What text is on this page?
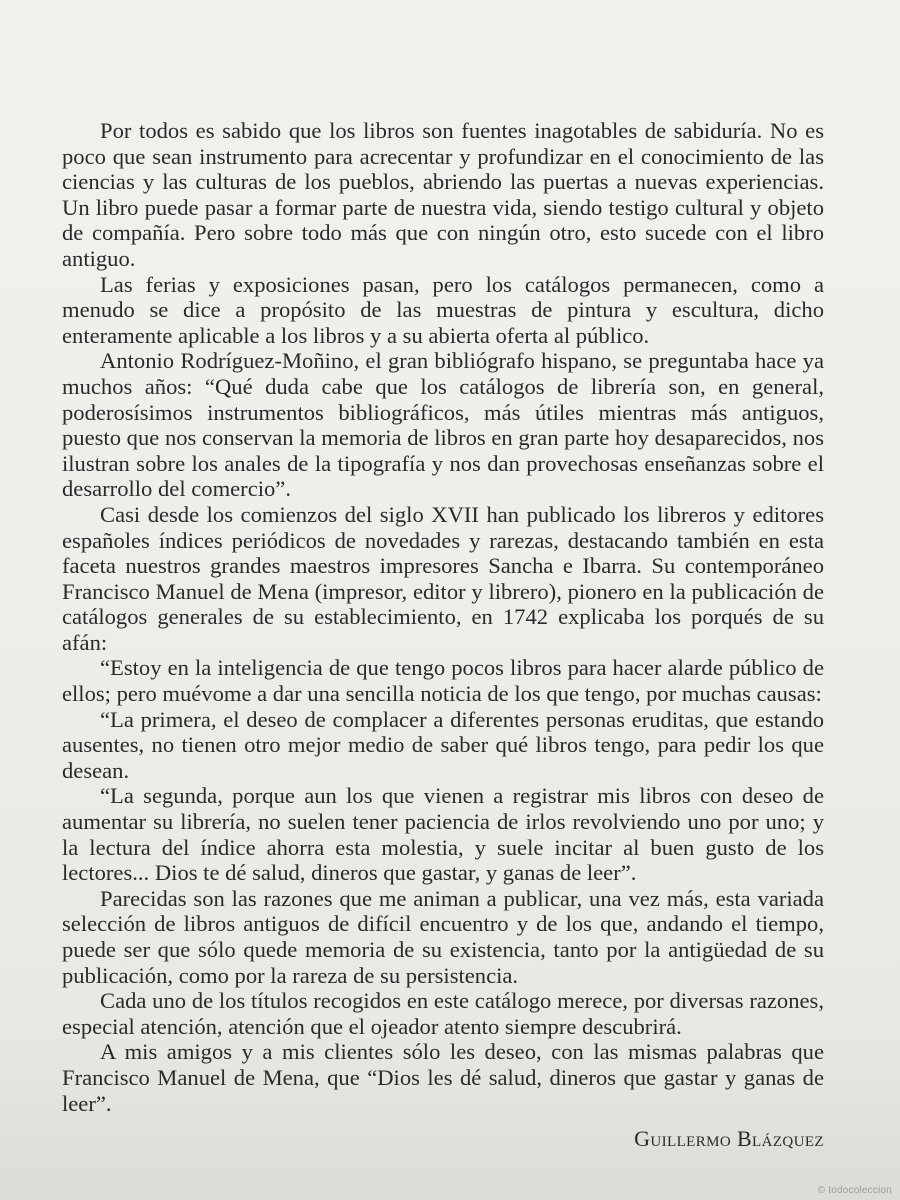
Por todos es sabido que los libros son fuentes inagotables de sabiduría. No es poco que sean instrumento para acrecentar y profundizar en el conocimiento de las ciencias y las culturas de los pueblos, abriendo las puertas a nuevas experiencias. Un libro puede pasar a formar parte de nuestra vida, siendo testigo cultural y objeto de compañía. Pero sobre todo más que con ningún otro, esto sucede con el libro antiguo.

Las ferias y exposiciones pasan, pero los catálogos permanecen, como a menudo se dice a propósito de las muestras de pintura y escultura, dicho enteramente aplicable a los libros y a su abierta oferta al público.

Antonio Rodríguez-Moñino, el gran bibliógrafo hispano, se preguntaba hace ya muchos años: “Qué duda cabe que los catálogos de librería son, en general, poderosísimos instrumentos bibliográficos, más útiles mientras más antiguos, puesto que nos conservan la memoria de libros en gran parte hoy desaparecidos, nos ilustran sobre los anales de la tipografía y nos dan provechosas enseñanzas sobre el desarrollo del comercio”.

Casi desde los comienzos del siglo XVII han publicado los libreros y editores españoles índices periódicos de novedades y rarezas, destacando también en esta faceta nuestros grandes maestros impresores Sancha e Ibarra. Su contemporáneo Francisco Manuel de Mena (impresor, editor y librero), pionero en la publicación de catálogos generales de su establecimiento, en 1742 explicaba los porqués de su afán:

“Estoy en la inteligencia de que tengo pocos libros para hacer alarde público de ellos; pero muévome a dar una sencilla noticia de los que tengo, por muchas causas:

“La primera, el deseo de complacer a diferentes personas eruditas, que estando ausentes, no tienen otro mejor medio de saber qué libros tengo, para pedir los que desean.

“La segunda, porque aun los que vienen a registrar mis libros con deseo de aumentar su librería, no suelen tener paciencia de irlos revolviendo uno por uno; y la lectura del índice ahorra esta molestia, y suele incitar al buen gusto de los lectores... Dios te dé salud, dineros que gastar, y ganas de leer”.

Parecidas son las razones que me animan a publicar, una vez más, esta variada selección de libros antiguos de difícil encuentro y de los que, andando el tiempo, puede ser que sólo quede memoria de su existencia, tanto por la antigüedad de su publicación, como por la rareza de su persistencia.

Cada uno de los títulos recogidos en este catálogo merece, por diversas razones, especial atención, atención que el ojeador atento siempre descubrirá.

A mis amigos y a mis clientes sólo les deseo, con las mismas palabras que Francisco Manuel de Mena, que “Dios les dé salud, dineros que gastar y ganas de leer”.

Guillermo Blázquez
© todocoleccion
